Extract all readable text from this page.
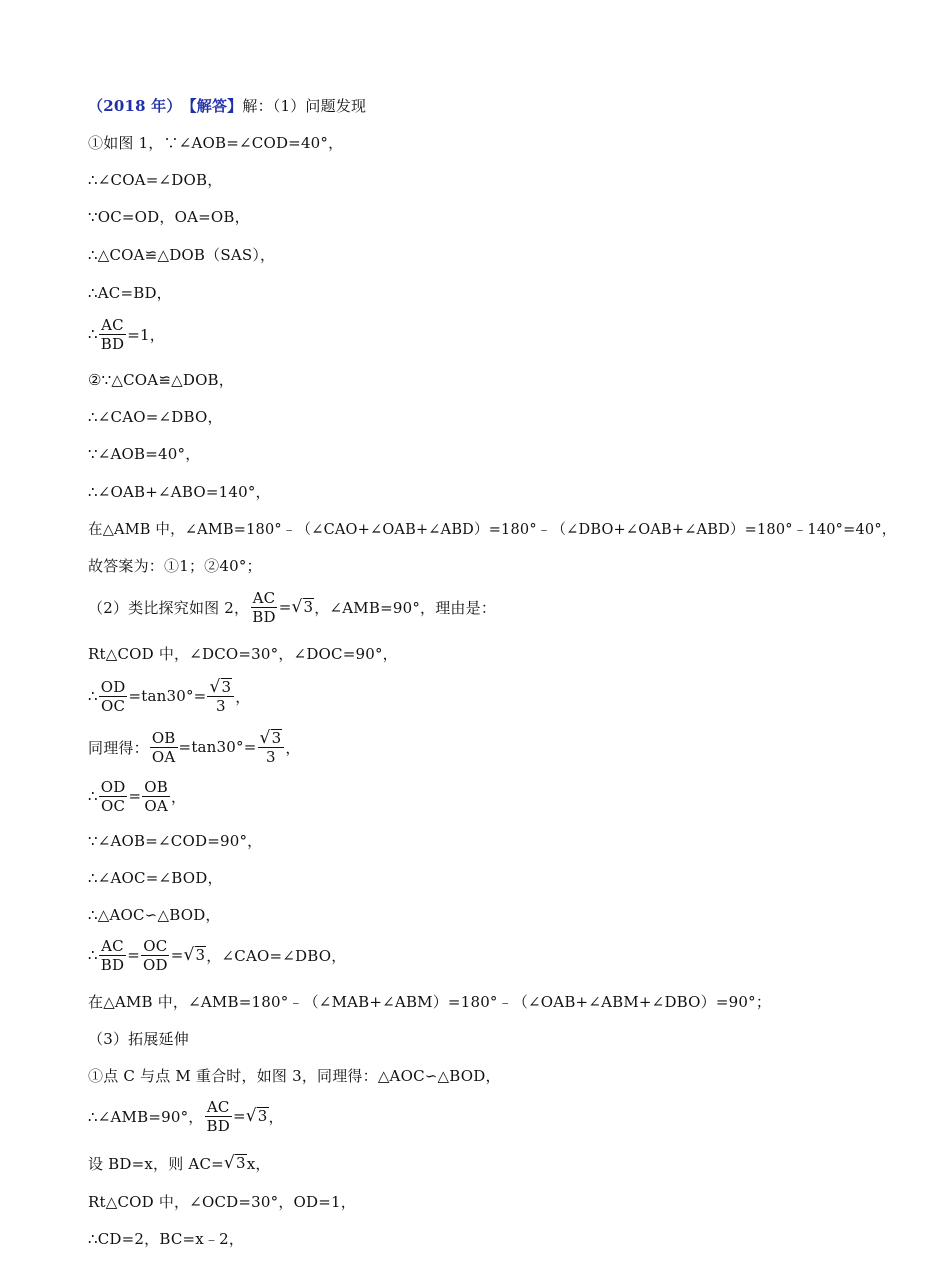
（2018 年） 【解答】 解：（1）问题发现
①如图 1，∵∠AOB=∠COD=40°，
∴∠COA=∠DOB，
∵OC=OD，OA=OB，
∴△COA≌△DOB（SAS），
∴AC=BD，
∴ $\frac{AC}{BD} =1$，
②∵△COA≌△DOB，
∴∠CAO=∠DBO，
∵∠AOB=40°，
∴∠OAB+∠ABO=140°，
在△AMB 中，∠AMB=180°﹣（∠CAO+∠OAB+∠ABD）=180°﹣（∠DBO+∠OAB+∠ABD）=180°﹣140°=40°，
故答案为：①1；②40°；
（2）类比探究如图 2， $\frac{AC}{BD}$ = √ 3 ，∠AMB=90°，理由是：
Rt△COD 中，∠DCO=30°，∠DOC=90°，
∴ $\frac{OD}{OC} =\tan 30^\circ= \frac{√ 3}{3}$ ，
同理得： $\frac{OB}{OA} =\tan 30^\circ= \frac{√ 3}{3}$ ，
∴ $\frac{OD}{OC} = \frac{OB}{OA}$ ，
∵∠AOB=∠COD=90°，
∴∠AOC=∠BOD，
∴△AOC∽△BOD，
∴ $\frac{AC}{BD} = \frac{OC}{OD}$ = √ 3 ，∠CAO=∠DBO，
在△AMB 中，∠AMB=180°﹣（∠MAB+∠ABM）=180°﹣（∠OAB+∠ABM+∠DBO）=90°；
（3）拓展延伸
①点 C 与点 M 重合时，如图 3，同理得：△AOC∽△BOD，
∴∠AMB=90°， $\frac{AC}{BD}$ = √ 3 ，
设 BD=x，则 AC= √ 3 x，
Rt△COD 中，∠OCD=30°，OD=1，
∴CD=2，BC=x﹣2，
